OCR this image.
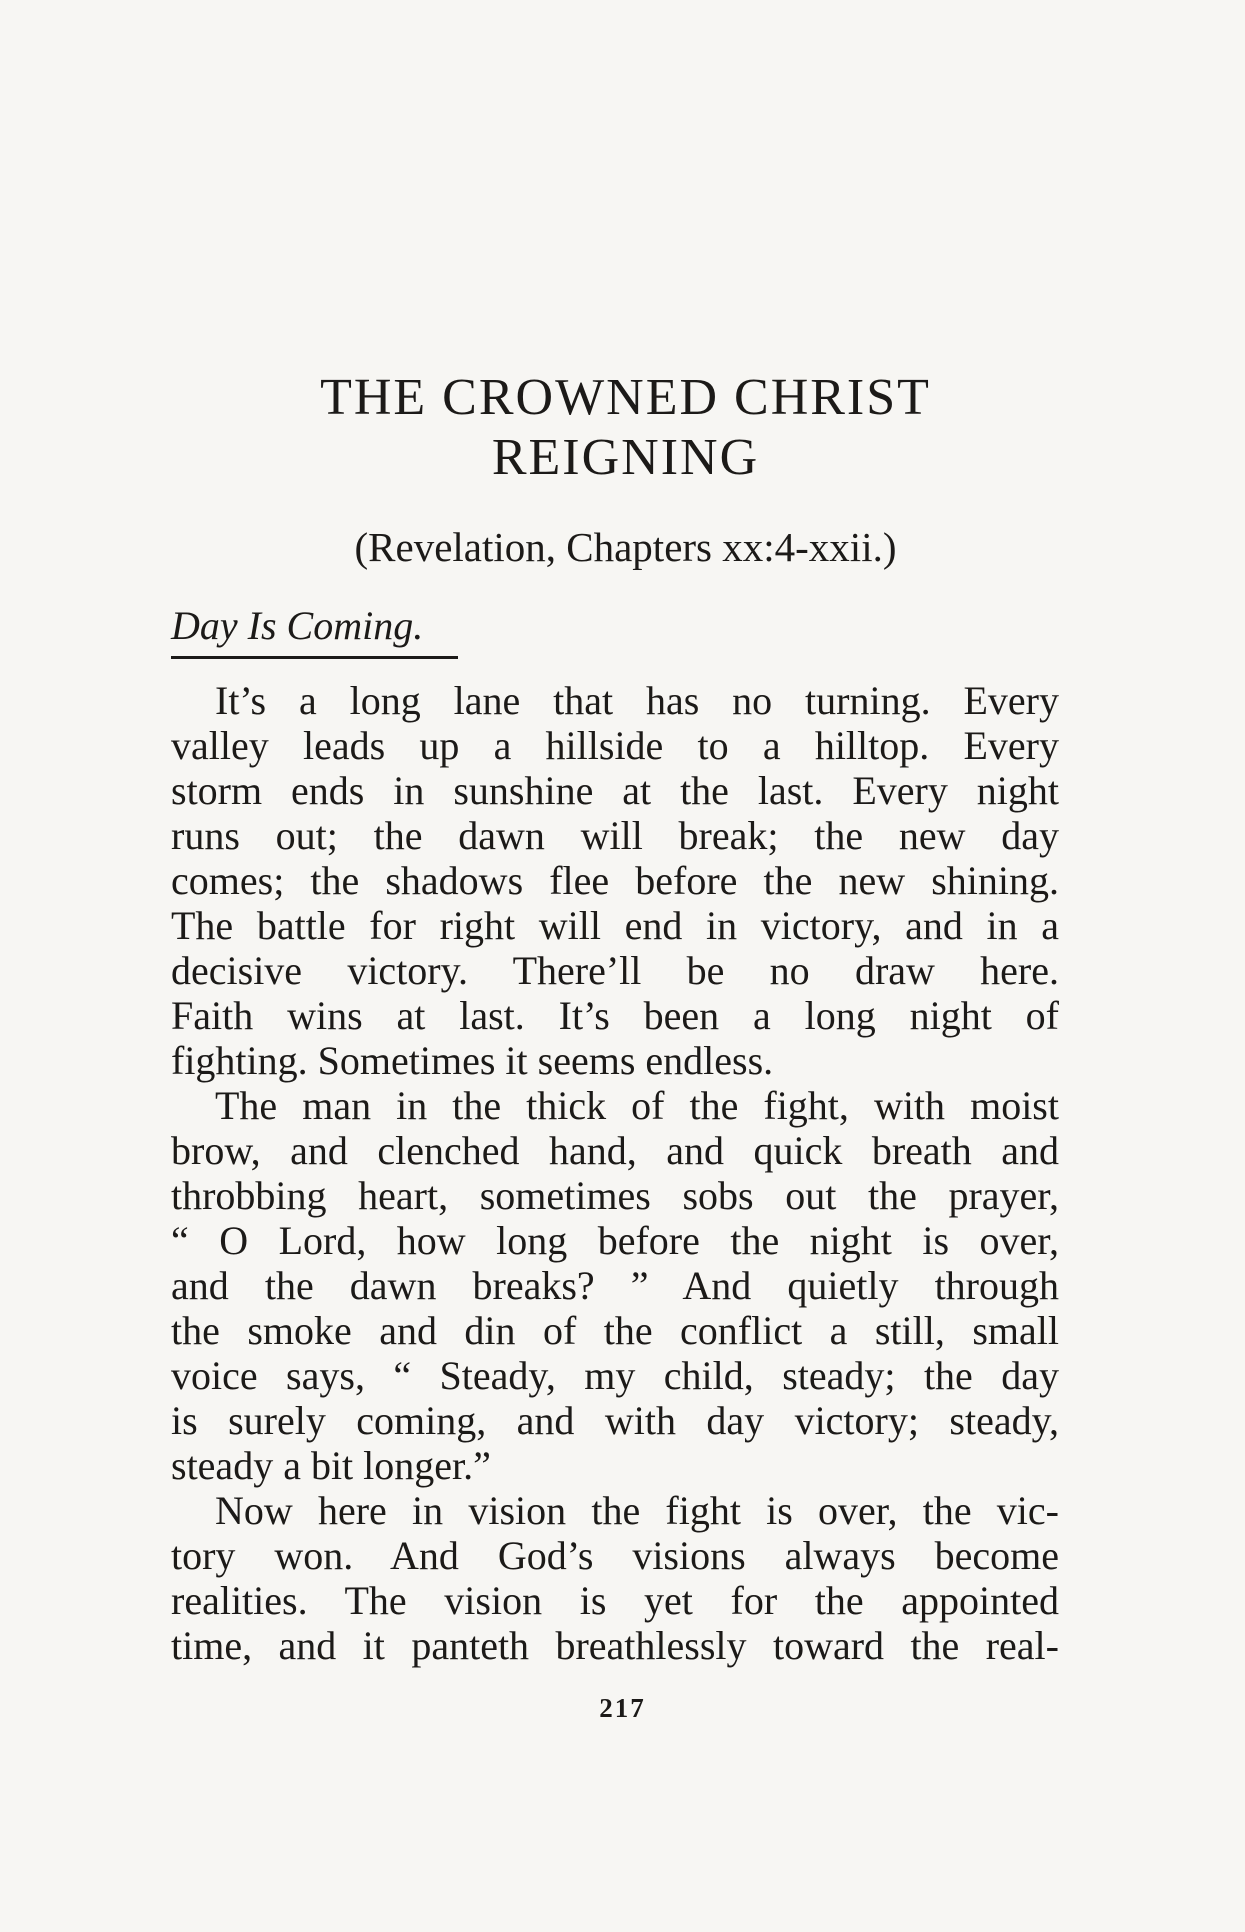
THE CROWNED CHRIST
REIGNING
(Revelation, Chapters xx:4-xxii.)
Day Is Coming.

It’s a long lane that has no turning. Every
valley leads up a hillside to a hilltop. Every
storm ends in sunshine at the last. Every night
runs out; the dawn will break; the new day
comes; the shadows flee before the new shining.
The battle for right will end in victory, and in a
decisive victory. There’ll be no draw here.
Faith wins at last. It’s been a long night of
fighting. Sometimes it seems endless.

The man in the thick of the fight, with moist
brow, and clenched hand, and quick breath and
throbbing heart, sometimes sobs out the prayer,
“ O Lord, how long before the night is over,
and the dawn breaks? ” And quietly through
the smoke and din of the conflict a still, small
voice says, “ Steady, my child, steady; the day
is surely coming, and with day victory; steady,
steady a bit longer.”

Now here in vision the fight is over, the vic-
tory won. And God’s visions always become
realities. The vision is yet for the appointed
time, and it panteth breathlessly toward the real-

217
